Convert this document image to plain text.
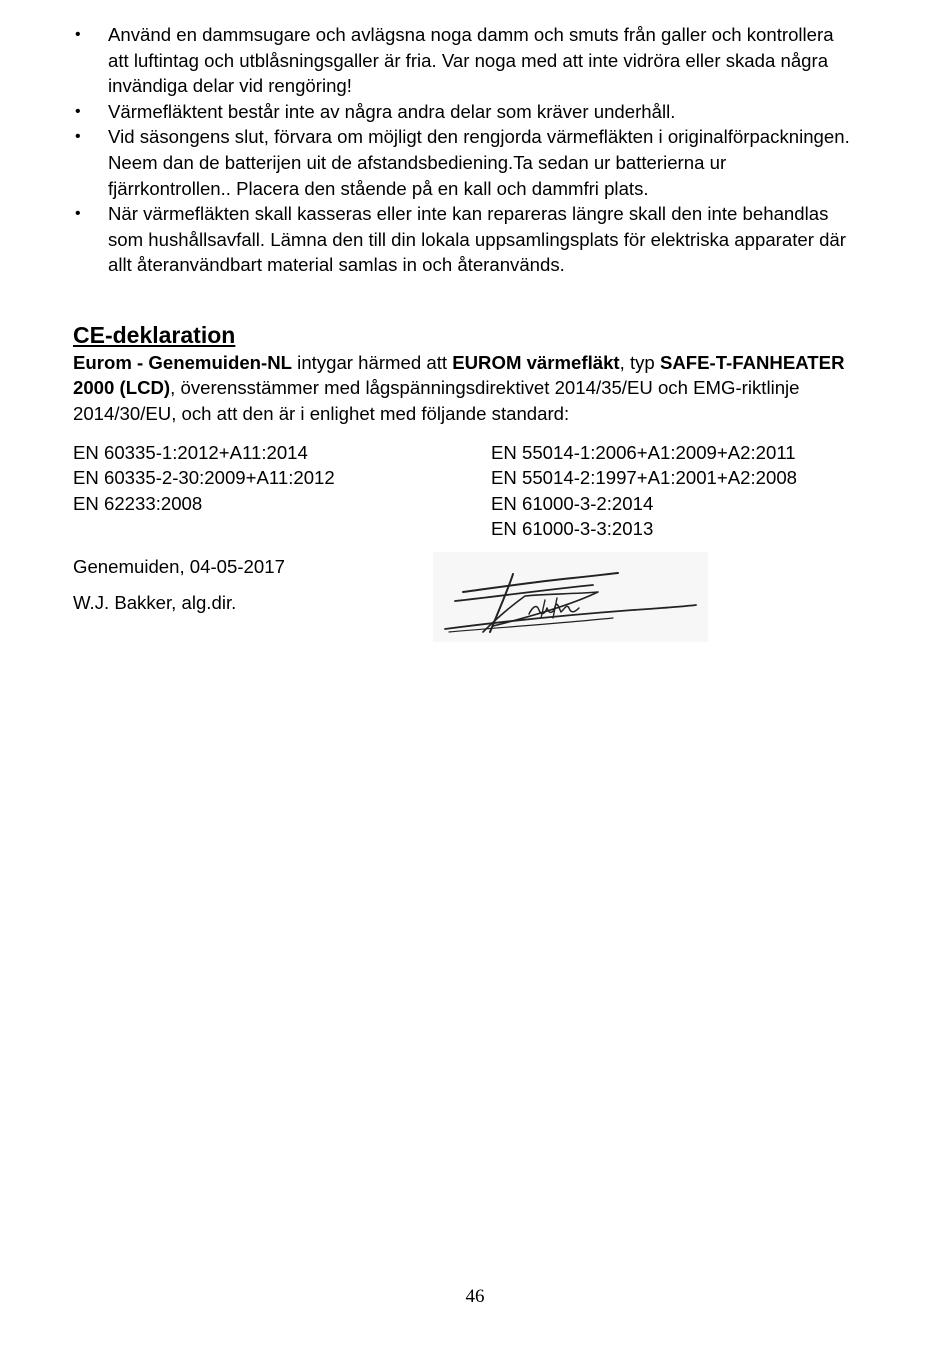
• Använd en dammsugare och avlägsna noga damm och smuts från galler och kontrollera att luftintag och utblåsningsgaller är fria. Var noga med att inte vidröra eller skada några invändiga delar vid rengöring!
• Värmefläktent består inte av några andra delar som kräver underhåll.
• Vid säsongens slut, förvara om möjligt den rengjorda värmefläkten i originalförpackningen. Neem dan de batterijen uit de afstandsbediening.Ta sedan ur batterierna ur fjärrkontrollen.. Placera den stående på en kall och dammfri plats.
• När värmefläkten skall kasseras eller inte kan repareras längre skall den inte behandlas som hushållsavfall. Lämna den till din lokala uppsamlingsplats för elektriska apparater där allt återanvändbart material samlas in och återanvänds.
CE-deklaration
Eurom - Genemuiden-NL intygar härmed att EUROM värmefläkt, typ SAFE-T-FANHEATER 2000 (LCD), överensstämmer med lågspänningsdirektivet 2014/35/EU och EMG-riktlinje 2014/30/EU, och att den är i enlighet med följande standard:
EN 60335-1:2012+A11:2014
EN 60335-2-30:2009+A11:2012
EN 62233:2008
EN 55014-1:2006+A1:2009+A2:2011
EN 55014-2:1997+A1:2001+A2:2008
EN 61000-3-2:2014
EN 61000-3-3:2013
Genemuiden, 04-05-2017
W.J. Bakker, alg.dir.
46
